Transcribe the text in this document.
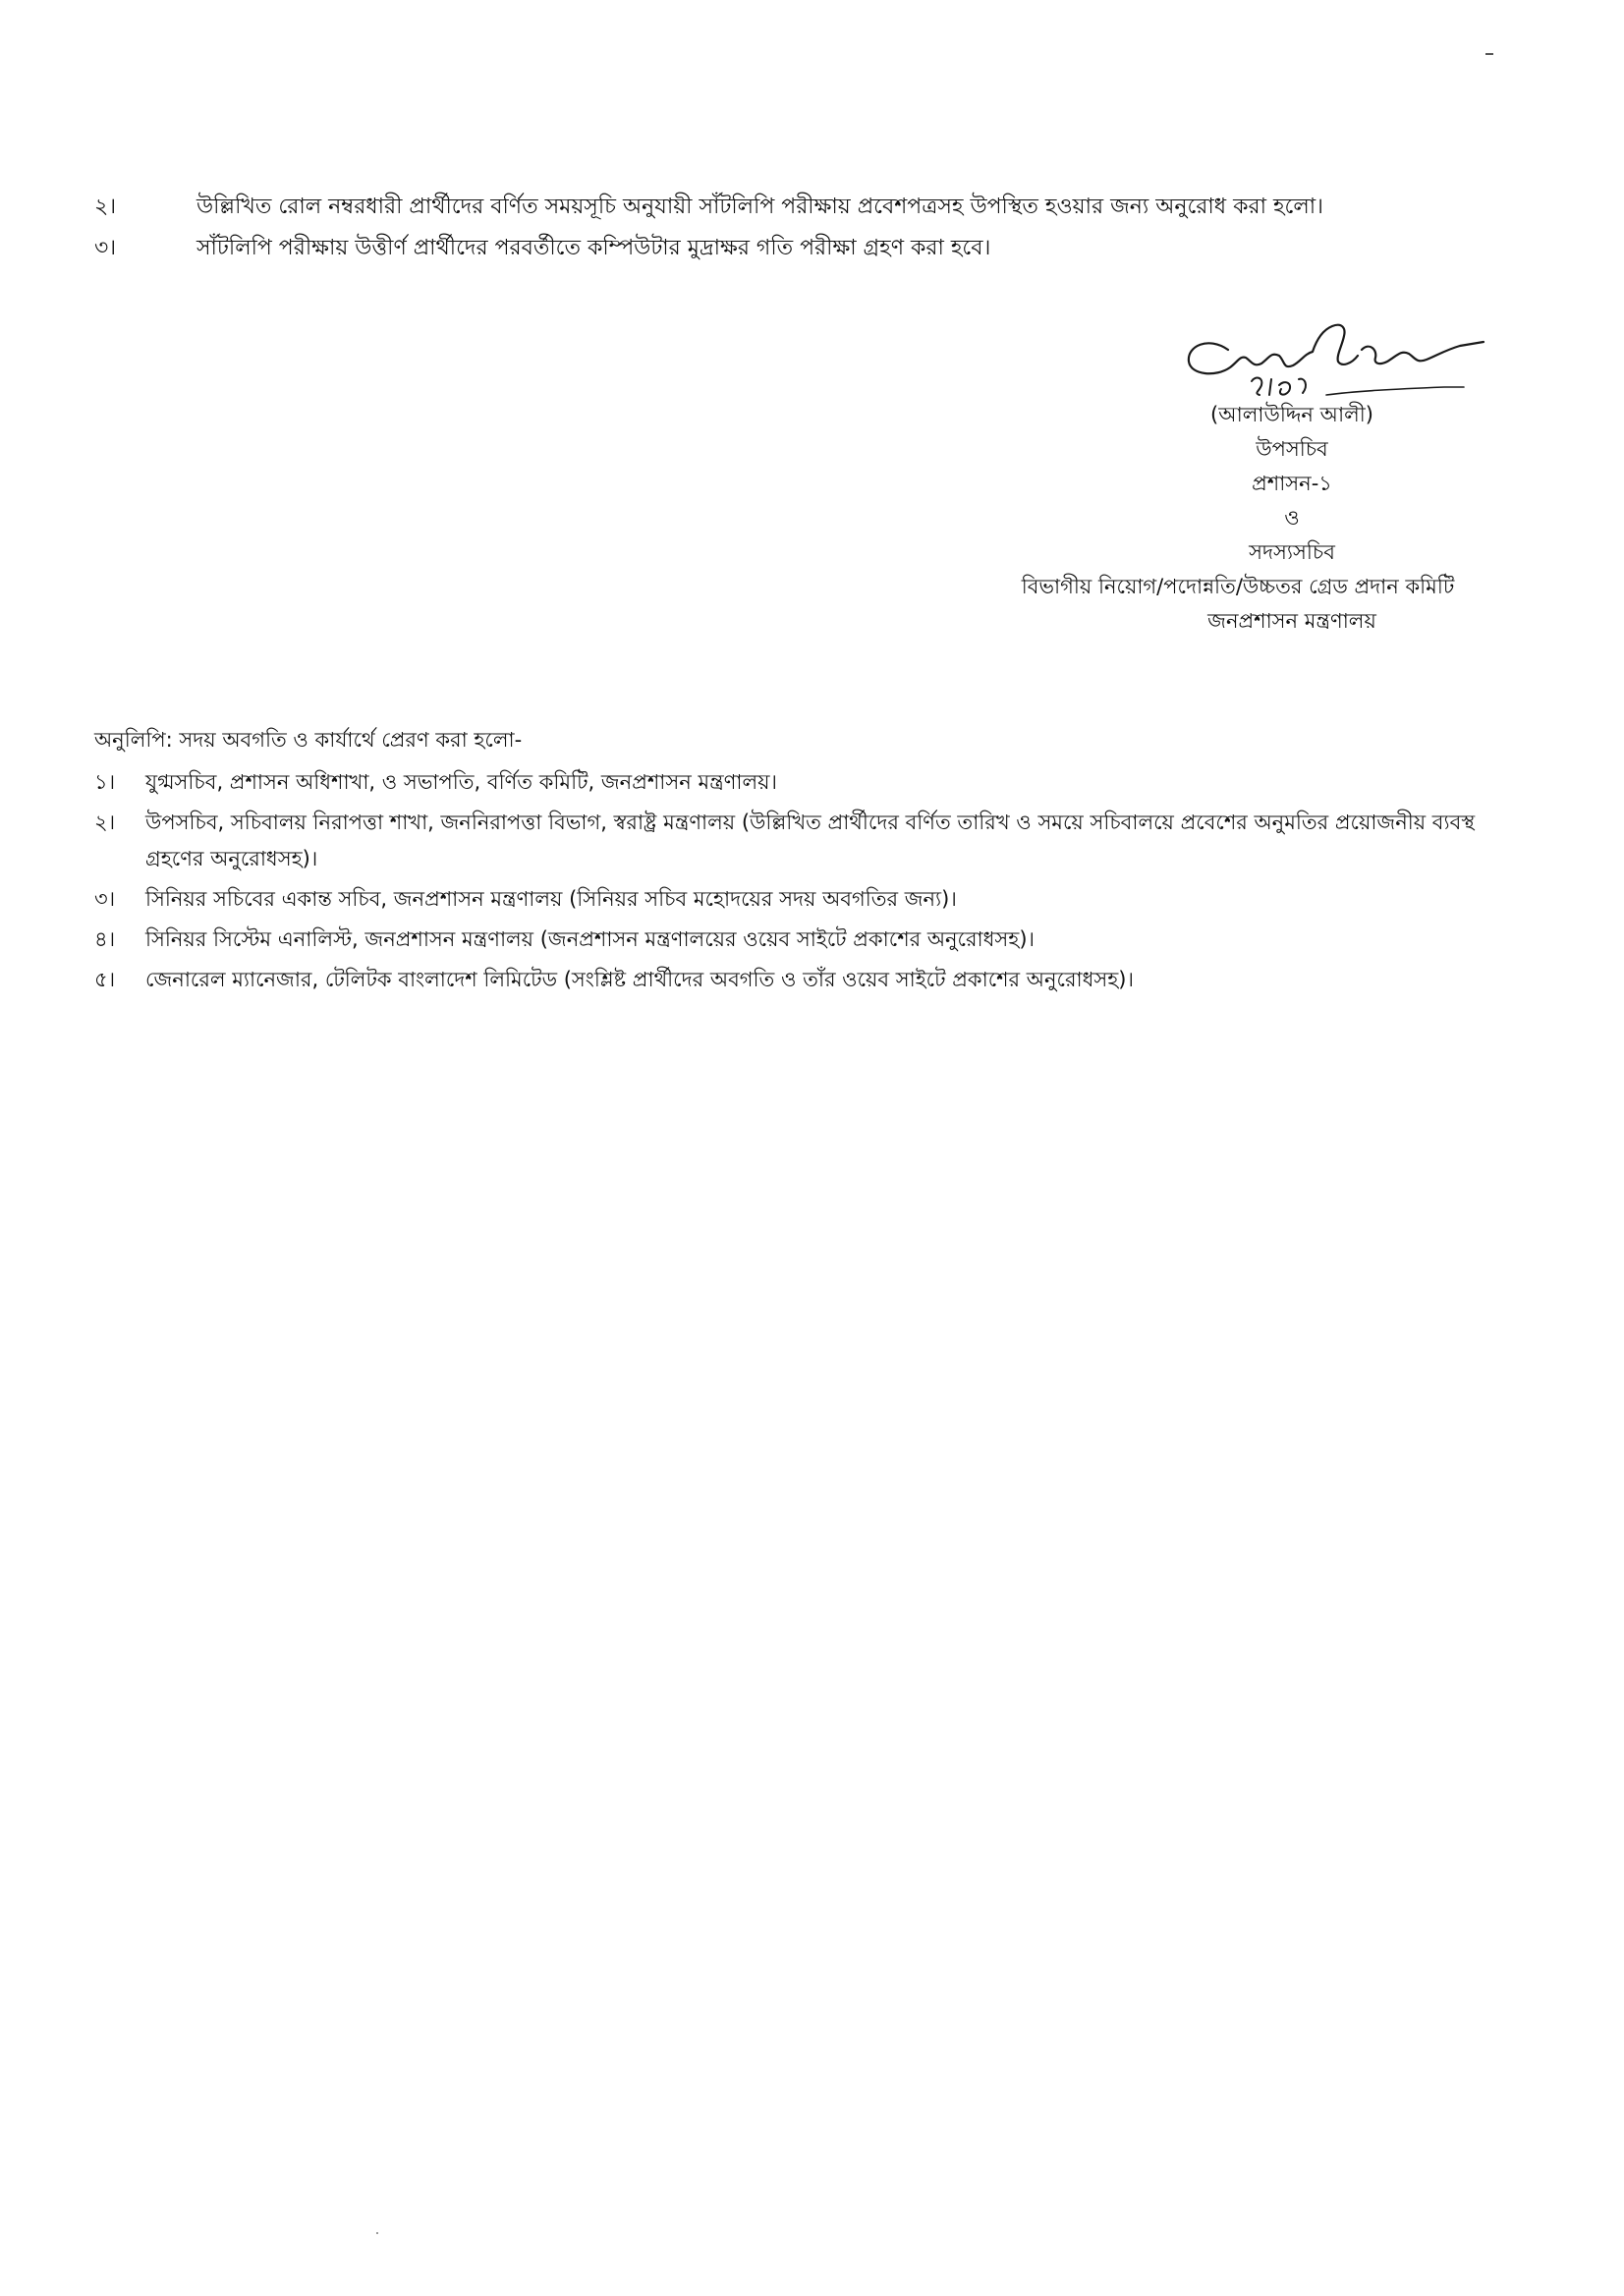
২।	উল্লিখিত রোল নম্বরধারী প্রার্থীদের বর্ণিত সময়সূচি অনুযায়ী সাঁটলিপি পরীক্ষায় প্রবেশপত্রসহ উপস্থিত হওয়ার জন্য অনুরোধ করা হলো।
৩।	সাঁটলিপি পরীক্ষায় উত্তীর্ণ প্রার্থীদের পরবর্তীতে কম্পিউটার মুদ্রাক্ষর গতি পরীক্ষা গ্রহণ করা হবে।
(আলাউদ্দিন আলী)
উপসচিব
প্রশাসন-১
ও
সদস্যসচিব
বিভাগীয় নিয়োগ/পদোন্নতি/উচ্চতর গ্রেড প্রদান কমিটি
জনপ্রশাসন মন্ত্রণালয়
অনুলিপি: সদয় অবগতি ও কার্যার্থে প্রেরণ করা হলো-
১।	যুগ্মসচিব, প্রশাসন অধিশাখা, ও সভাপতি, বর্ণিত কমিটি, জনপ্রশাসন মন্ত্রণালয়।
২।	উপসচিব, সচিবালয় নিরাপত্তা শাখা, জননিরাপত্তা বিভাগ, স্বরাষ্ট্র মন্ত্রণালয় (উল্লিখিত প্রার্থীদের বর্ণিত তারিখ ও সময়ে সচিবালয়ে প্রবেশের অনুমতির প্রয়োজনীয় ব্যবস্থ গ্রহণের অনুরোধসহ)।
৩।	সিনিয়র সচিবের একান্ত সচিব, জনপ্রশাসন মন্ত্রণালয় (সিনিয়র সচিব মহোদয়ের সদয় অবগতির জন্য)।
৪।	সিনিয়র সিস্টেম এনালিস্ট, জনপ্রশাসন মন্ত্রণালয় (জনপ্রশাসন মন্ত্রণালয়ের ওয়েব সাইটে প্রকাশের অনুরোধসহ)।
৫।	জেনারেল ম্যানেজার, টেলিটক বাংলাদেশ লিমিটেড (সংশ্লিষ্ট প্রার্থীদের অবগতি ও তাঁর ওয়েব সাইটে প্রকাশের অনুরোধসহ)।
